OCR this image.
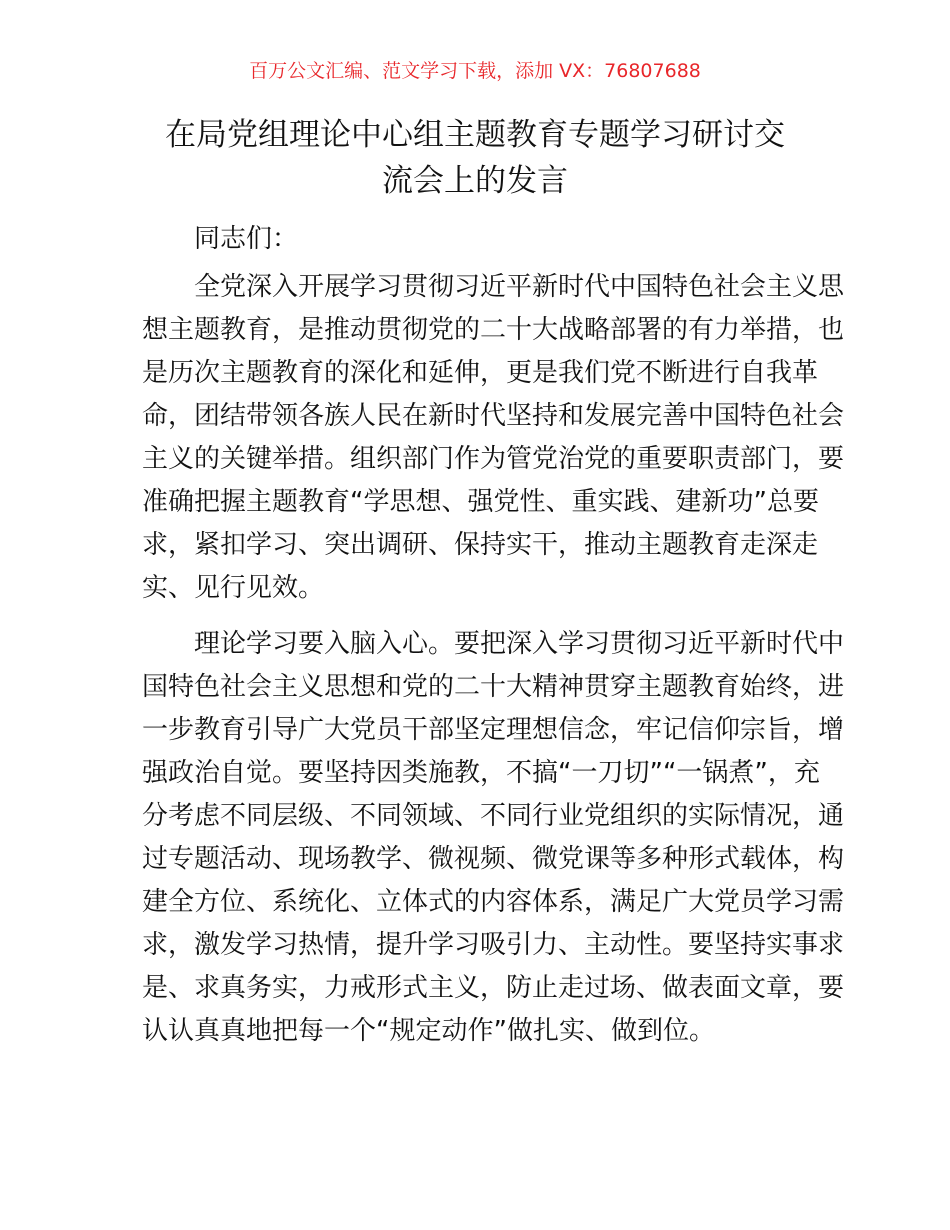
百万公文汇编、范文学习下载，添加 VX：76807688
在局党组理论中心组主题教育专题学习研讨交
流会上的发言
同志们：
全党深入开展学习贯彻习近平新时代中国特色社会主义思
想主题教育，是推动贯彻党的二十大战略部署的有力举措，也
是历次主题教育的深化和延伸，更是我们党不断进行自我革
命，团结带领各族人民在新时代坚持和发展完善中国特色社会
主义的关键举措。组织部门作为管党治党的重要职责部门，要
准确把握主题教育“学思想、强党性、重实践、建新功”总要
求，紧扣学习、突出调研、保持实干，推动主题教育走深走
实、见行见效。
理论学习要入脑入心。要把深入学习贯彻习近平新时代中
国特色社会主义思想和党的二十大精神贯穿主题教育始终，进
一步教育引导广大党员干部坚定理想信念，牢记信仰宗旨，增
强政治自觉。要坚持因类施教，不搞“一刀切”“一锅煮”，充
分考虑不同层级、不同领域、不同行业党组织的实际情况，通
过专题活动、现场教学、微视频、微党课等多种形式载体，构
建全方位、系统化、立体式的内容体系，满足广大党员学习需
求，激发学习热情，提升学习吸引力、主动性。要坚持实事求
是、求真务实，力戒形式主义，防止走过场、做表面文章，要
认认真真地把每一个“规定动作”做扎实、做到位。
